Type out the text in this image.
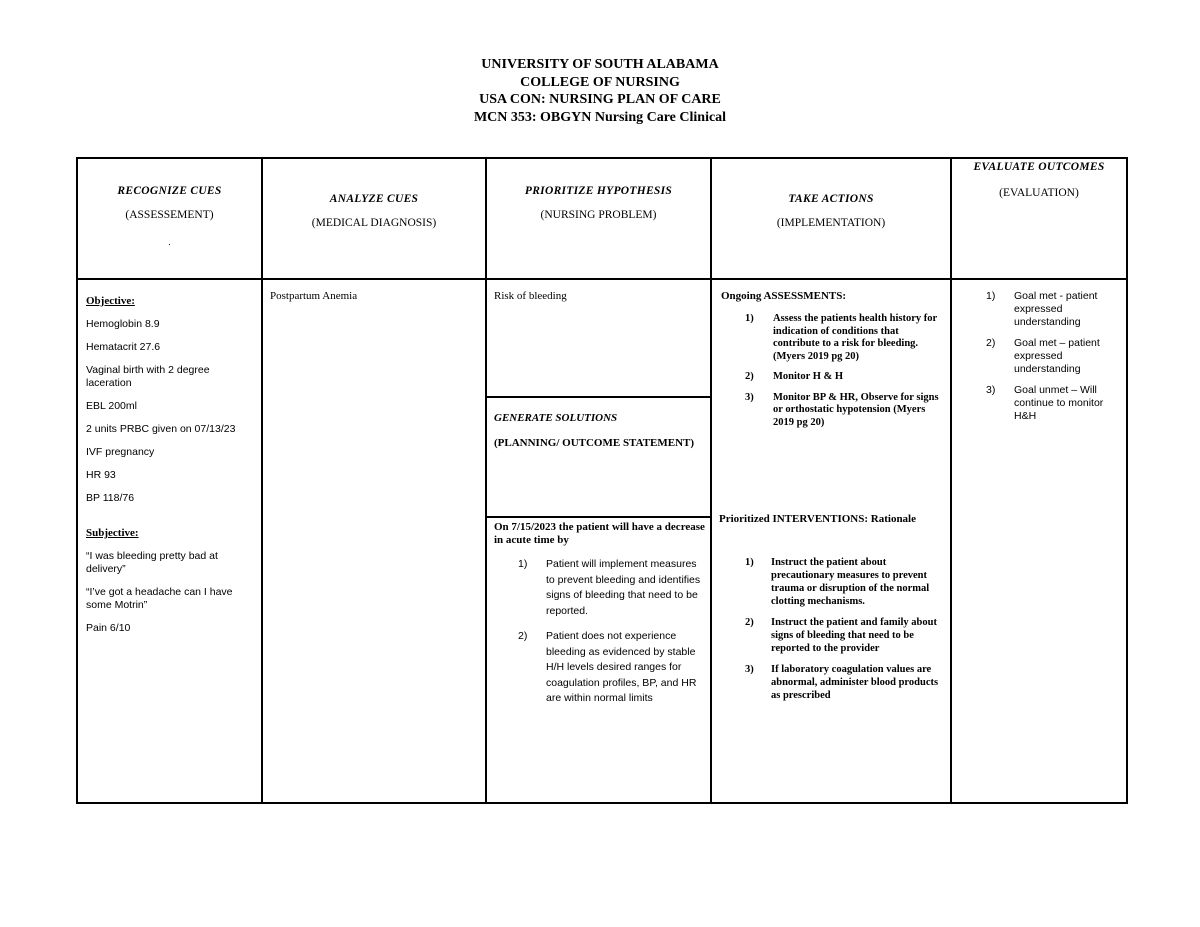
UNIVERSITY OF SOUTH ALABAMA
COLLEGE OF NURSING
USA CON: NURSING PLAN OF CARE
MCN 353: OBGYN Nursing Care Clinical
RECOGNIZE CUES
(ASSESSEMENT)
.
ANALYZE CUES
(MEDICAL DIAGNOSIS)
PRIORITIZE HYPOTHESIS
(NURSING PROBLEM)
TAKE ACTIONS
(IMPLEMENTATION)
EVALUATE OUTCOMES
(EVALUATION)

Objective:

Hemoglobin 8.9

Hematacrit 27.6

Vaginal birth with 2 degree laceration

EBL 200ml

2 units PRBC given on 07/13/23

IVF pregnancy

HR 93

BP 118/76

Subjective:

“I was bleeding pretty bad at delivery”

“I’ve got a headache can I have some Motrin”

Pain 6/10

Postpartum Anemia	Risk of bleeding

GENERATE SOLUTIONS

(PLANNING/ OUTCOME STATEMENT)

On 7/15/2023 the patient will have a decrease in acute time by

1) Patient will implement measures to prevent bleeding and identifies signs of bleeding that need to be reported.
2) Patient does not experience bleeding as evidenced by stable H/H levels desired ranges for coagulation profiles, BP, and HR are within normal limits

Ongoing ASSESSMENTS:

1) Assess the patients health history for indication of conditions that contribute to a risk for bleeding. (Myers 2019 pg 20)
2) Monitor H & H
3) Monitor BP & HR, Observe for signs or orthostatic hypotension (Myers 2019 pg 20)

Prioritized INTERVENTIONS: Rationale

1) Instruct the patient about precautionary measures to prevent trauma or disruption of the normal clotting mechanisms.
2) Instruct the patient and family about signs of bleeding that need to be reported to the provider
3) If laboratory coagulation values are abnormal, administer blood products as prescribed
1) Goal met - patient expressed understanding
2) Goal met – patient expressed understanding
3) Goal unmet – Will continue to monitor H&H
